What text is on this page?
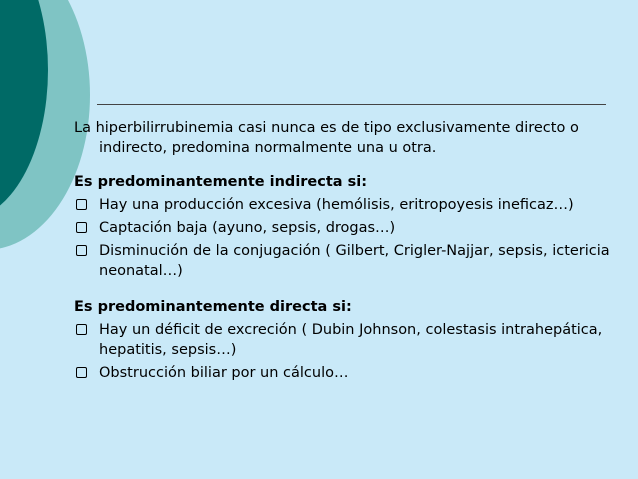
La hiperbilirrubinemia casi nunca es de tipo exclusivamente directo o indirecto, predomina normalmente una u otra.

Es predominantemente indirecta si:

Hay una producción excesiva (hemólisis, eritropoyesis ineficaz…)
Captación baja (ayuno, sepsis, drogas…)
Disminución de la conjugación ( Gilbert, Crigler-Najjar, sepsis, ictericia neonatal…)

Es predominantemente directa si:

Hay un déficit de excreción ( Dubin Johnson, colestasis intrahepática, hepatitis, sepsis…)
Obstrucción biliar por un cálculo…
